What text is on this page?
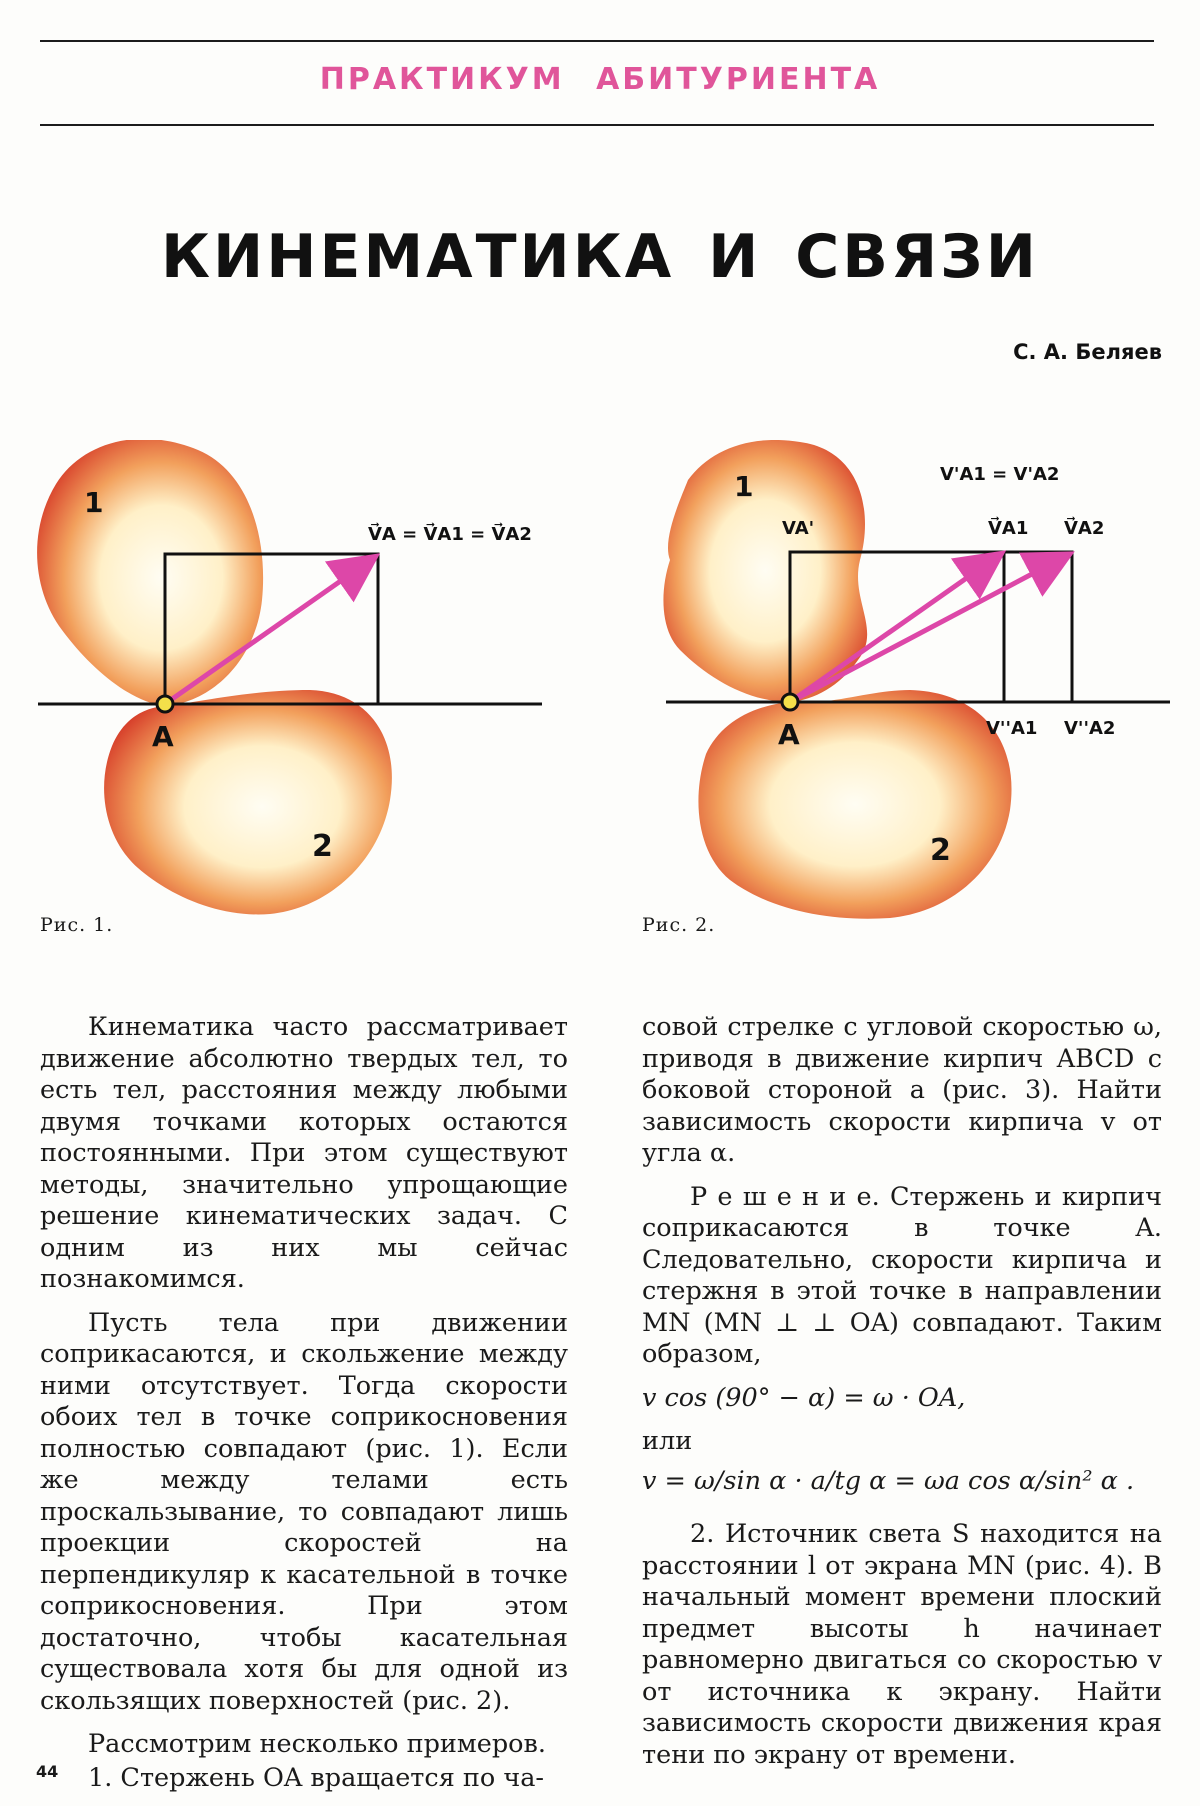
ПРАКТИКУМ АБИТУРИЕНТА
КИНЕМАТИКА И СВЯЗИ
С. А. Беляев
1
2
A
V⃗A = V⃗A1 = V⃗A2
Рис. 1.
1
2
A
V'A1 = V'A2
VA'	V⃗A1 V⃗A2
V''A1 V''A2
Рис. 2.

Кинематика часто рассматривает движение абсолютно твердых тел, то есть тел, расстояния между любыми двумя точками которых остаются постоянными. При этом существуют методы, значительно упрощающие решение кинематических задач. С одним из них мы сейчас познакомимся.

Пусть тела при движении соприкасаются, и скольжение между ними отсутствует. Тогда скорости обоих тел в точке соприкосновения полностью совпадают (рис. 1). Если же между телами есть проскальзывание, то совпадают лишь проекции скоростей на перпендикуляр к касательной в точке соприкосновения. При этом достаточно, чтобы касательная существовала хотя бы для одной из скользящих поверхностей (рис. 2).

Рассмотрим несколько примеров.

1. Стержень OA вращается по ча-

совой стрелке с угловой скоростью ω, приводя в движение кирпич ABCD с боковой стороной a (рис. 3). Найти зависимость скорости кирпича v от угла α.

Р е ш е н и е. Стержень и кирпич соприкасаются в точке A. Следовательно, скорости кирпича и стержня в этой точке в направлении MN (MN ⊥ ⊥ OA) совпадают. Таким образом,

v cos (90° − α) = ω · OA,

или

v = ω/sin α · a/tg α = ωa cos α/sin² α .

2. Источник света S находится на расстоянии l от экрана MN (рис. 4). В начальный момент времени плоский предмет высоты h начинает равномерно двигаться со скоростью v от источника к экрану. Найти зависимость скорости движения края тени по экрану от времени.

44
